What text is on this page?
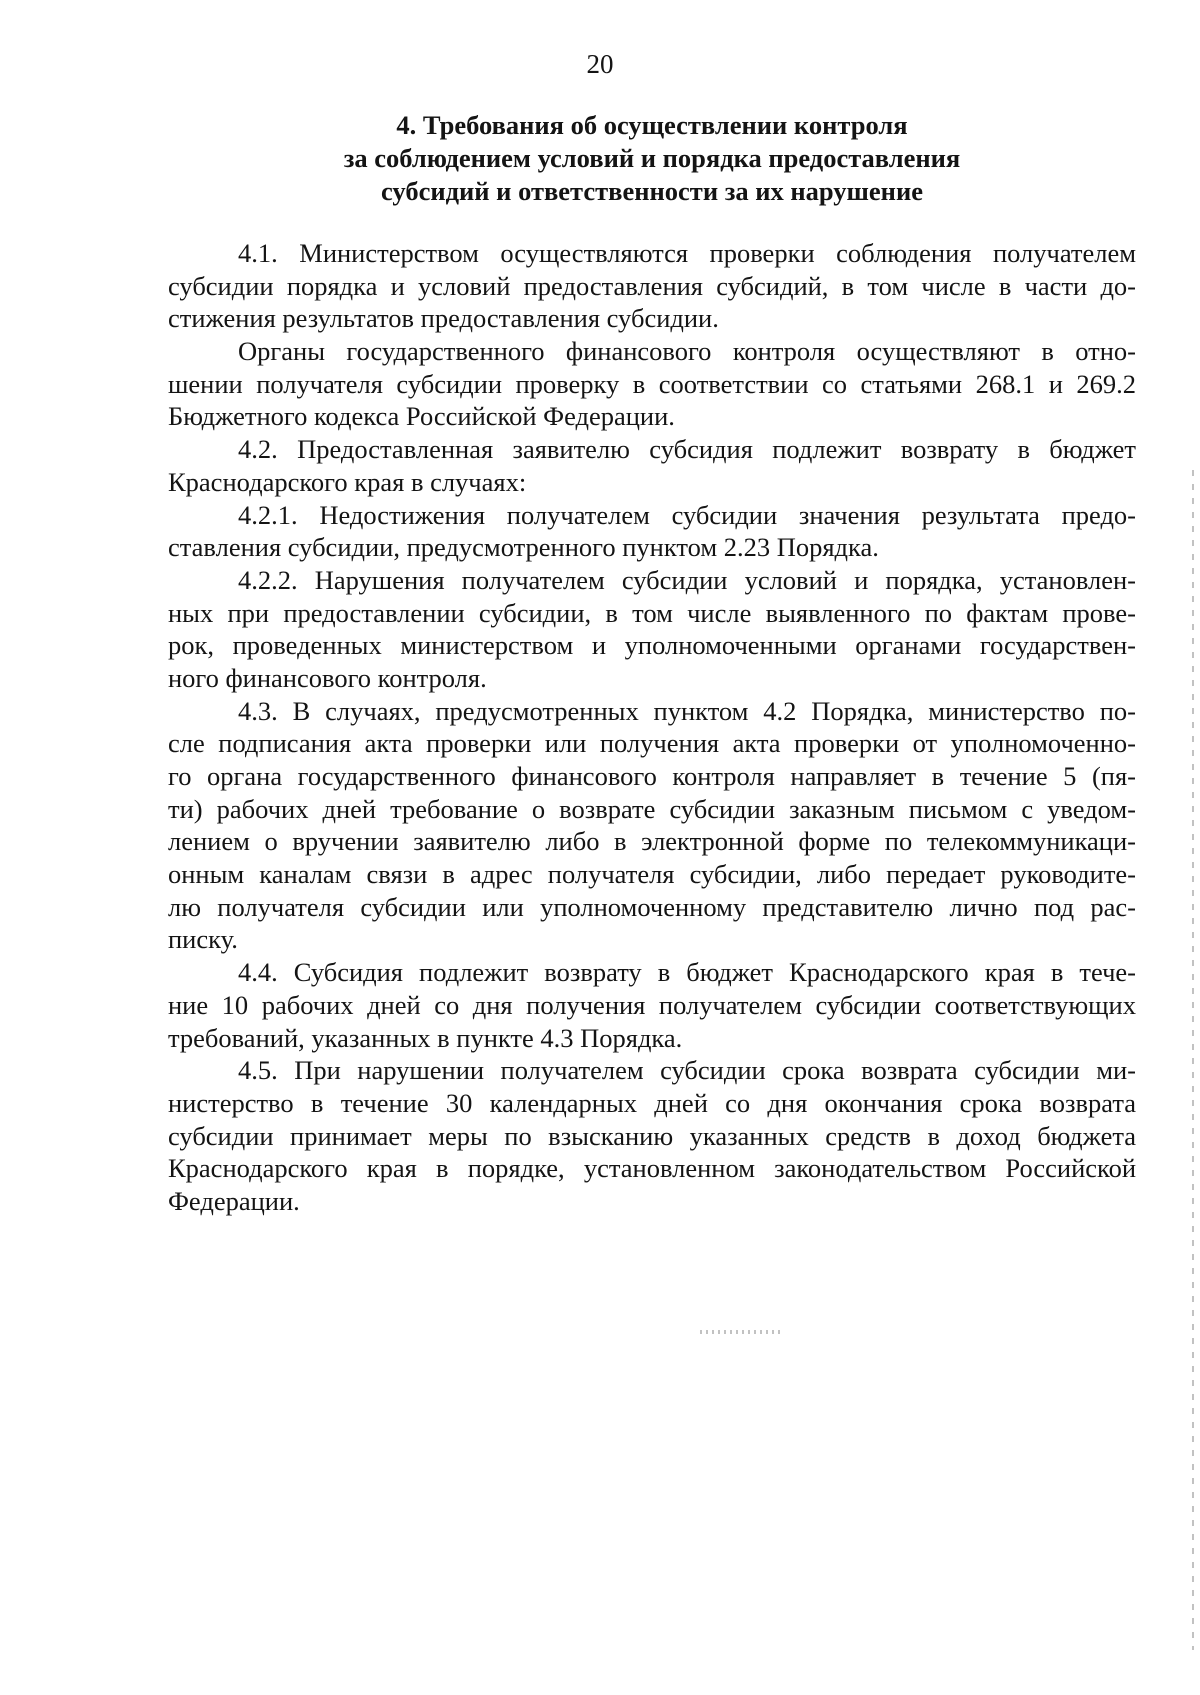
20
4. Требования об осуществлении контроля
за соблюдением условий и порядка предоставления
субсидий и ответственности за их нарушение
4.1. Министерством осуществляются проверки соблюдения получателем
субсидии порядка и условий предоставления субсидий, в том числе в части до-
стижения результатов предоставления субсидии.
Органы государственного финансового контроля осуществляют в отно-
шении получателя субсидии проверку в соответствии со статьями 268.1 и 269.2
Бюджетного кодекса Российской Федерации.
4.2. Предоставленная заявителю субсидия подлежит возврату в бюджет
Краснодарского края в случаях:
4.2.1. Недостижения получателем субсидии значения результата предо-
ставления субсидии, предусмотренного пунктом 2.23 Порядка.
4.2.2. Нарушения получателем субсидии условий и порядка, установлен-
ных при предоставлении субсидии, в том числе выявленного по фактам прове-
рок, проведенных министерством и уполномоченными органами государствен-
ного финансового контроля.
4.3. В случаях, предусмотренных пунктом 4.2 Порядка, министерство по-
сле подписания акта проверки или получения акта проверки от уполномоченно-
го органа государственного финансового контроля направляет в течение 5 (пя-
ти) рабочих дней требование о возврате субсидии заказным письмом с уведом-
лением о вручении заявителю либо в электронной форме по телекоммуникаци-
онным каналам связи в адрес получателя субсидии, либо передает руководите-
лю получателя субсидии или уполномоченному представителю лично под рас-
писку.
4.4. Субсидия подлежит возврату в бюджет Краснодарского края в тече-
ние 10 рабочих дней со дня получения получателем субсидии соответствующих
требований, указанных в пункте 4.3 Порядка.
4.5. При нарушении получателем субсидии срока возврата субсидии ми-
нистерство в течение 30 календарных дней со дня окончания срока возврата
субсидии принимает меры по взысканию указанных средств в доход бюджета
Краснодарского края в порядке, установленном законодательством Российской
Федерации.
